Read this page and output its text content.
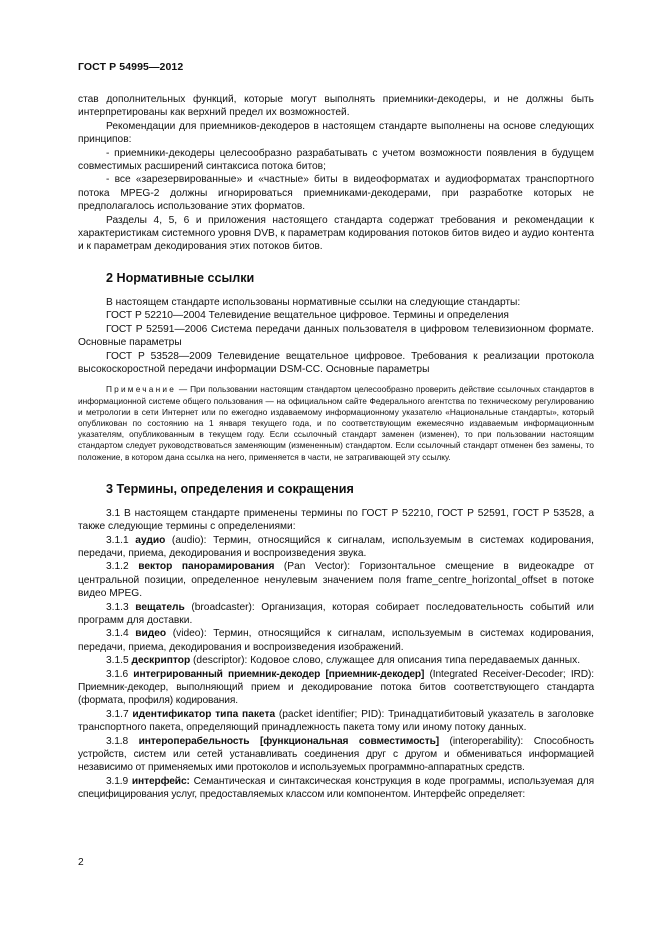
ГОСТ Р 54995—2012

став дополнительных функций, которые могут выполнять приемники-декодеры, и не должны быть интерпретированы как верхний предел их возможностей.

Рекомендации для приемников-декодеров в настоящем стандарте выполнены на основе следующих принципов:

- приемники-декодеры целесообразно разрабатывать с учетом возможности появления в будущем совместимых расширений синтаксиса потока битов;

- все «зарезервированные» и «частные» биты в видеоформатах и аудиоформатах транспортного потока MPEG-2 должны игнорироваться приемниками-декодерами, при разработке которых не предполагалось использование этих форматов.

Разделы 4, 5, 6 и приложения настоящего стандарта содержат требования и рекомендации к характеристикам системного уровня DVB, к параметрам кодирования потоков битов видео и аудио контента и к параметрам декодирования этих потоков битов.

2 Нормативные ссылки

В настоящем стандарте использованы нормативные ссылки на следующие стандарты:

ГОСТ Р 52210—2004 Телевидение вещательное цифровое. Термины и определения

ГОСТ Р 52591—2006 Система передачи данных пользователя в цифровом телевизионном формате. Основные параметры

ГОСТ Р 53528—2009 Телевидение вещательное цифровое. Требования к реализации протокола высокоскоростной передачи информации DSM-CC. Основные параметры

Примечание — При пользовании настоящим стандартом целесообразно проверить действие ссылочных стандартов в информационной системе общего пользования — на официальном сайте Федерального агентства по техническому регулированию и метрологии в сети Интернет или по ежегодно издаваемому информационному указателю «Национальные стандарты», который опубликован по состоянию на 1 января текущего года, и по соответствующим ежемесячно издаваемым информационным указателям, опубликованным в текущем году. Если ссылочный стандарт заменен (изменен), то при пользовании настоящим стандартом следует руководствоваться заменяющим (измененным) стандартом. Если ссылочный стандарт отменен без замены, то положение, в котором дана ссылка на него, применяется в части, не затрагивающей эту ссылку.

3 Термины, определения и сокращения

3.1 В настоящем стандарте применены термины по ГОСТ Р 52210, ГОСТ Р 52591, ГОСТ Р 53528, а также следующие термины с определениями:

3.1.1 аудио (audio): Термин, относящийся к сигналам, используемым в системах кодирования, передачи, приема, декодирования и воспроизведения звука.

3.1.2 вектор панорамирования (Pan Vector): Горизонтальное смещение в видеокадре от центральной позиции, определенное ненулевым значением поля frame_centre_horizontal_offset в потоке видео MPEG.

3.1.3 вещатель (broadcaster): Организация, которая собирает последовательность событий или программ для доставки.

3.1.4 видео (video): Термин, относящийся к сигналам, используемым в системах кодирования, передачи, приема, декодирования и воспроизведения изображений.

3.1.5 дескриптор (descriptor): Кодовое слово, служащее для описания типа передаваемых данных.

3.1.6 интегрированный приемник-декодер [приемник-декодер] (Integrated Receiver-Decoder; IRD): Приемник-декодер, выполняющий прием и декодирование потока битов соответствующего стандарта (формата, профиля) кодирования.

3.1.7 идентификатор типа пакета (packet identifier; PID): Тринадцатибитовый указатель в заголовке транспортного пакета, определяющий принадлежность пакета тому или иному потоку данных.

3.1.8 интероперабельность [функциональная совместимость] (interoperability): Способность устройств, систем или сетей устанавливать соединения друг с другом и обмениваться информацией независимо от применяемых ими протоколов и используемых программно-аппаратных средств.

3.1.9 интерфейс: Семантическая и синтаксическая конструкция в коде программы, используемая для специфицирования услуг, предоставляемых классом или компонентом. Интерфейс определяет:

2
